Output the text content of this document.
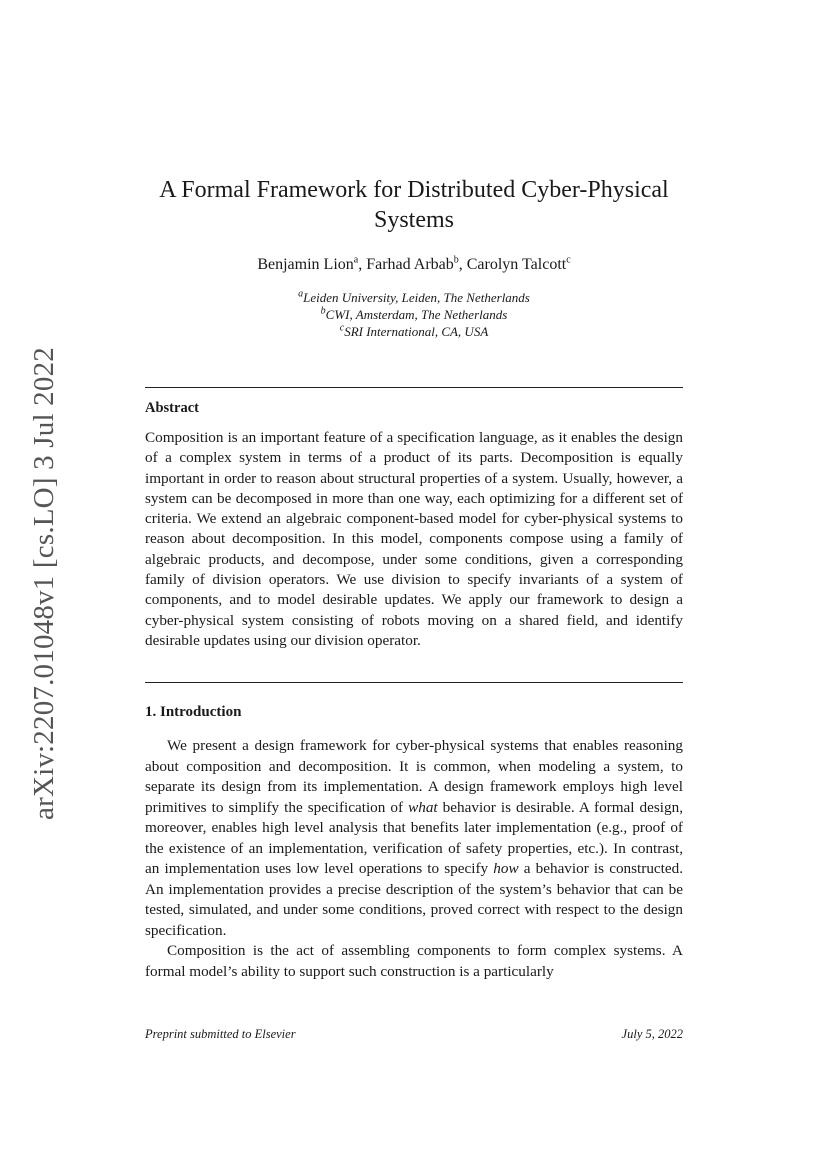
arXiv:2207.01048v1 [cs.LO] 3 Jul 2022
A Formal Framework for Distributed Cyber-Physical Systems
Benjamin Lion$^a$, Farhad Arbab$^b$, Carolyn Talcott$^c$
$^a$Leiden University, Leiden, The Netherlands
$^b$CWI, Amsterdam, The Netherlands
$^c$SRI International, CA, USA
Abstract

Composition is an important feature of a specification language, as it enables the design of a complex system in terms of a product of its parts. Decomposition is equally important in order to reason about structural properties of a system. Usually, however, a system can be decomposed in more than one way, each optimizing for a different set of criteria. We extend an algebraic component-based model for cyber-physical systems to reason about decomposition. In this model, components compose using a family of algebraic products, and decompose, under some conditions, given a corresponding family of division operators. We use division to specify invariants of a system of components, and to model desirable updates. We apply our framework to design a cyber-physical system consisting of robots moving on a shared field, and identify desirable updates using our division operator.

1. Introduction

We present a design framework for cyber-physical systems that enables reasoning about composition and decomposition. It is common, when modeling a system, to separate its design from its implementation. A design framework employs high level primitives to simplify the specification of what behavior is desirable. A formal design, moreover, enables high level analysis that benefits later implementation (e.g., proof of the existence of an implementation, verification of safety properties, etc.). In contrast, an implementation uses low level operations to specify how a behavior is constructed. An implementation provides a precise description of the system’s behavior that can be tested, simulated, and under some conditions, proved correct with respect to the design specification.

Composition is the act of assembling components to form complex systems. A formal model’s ability to support such construction is a particularly

Preprint submitted to Elsevier	July 5, 2022
